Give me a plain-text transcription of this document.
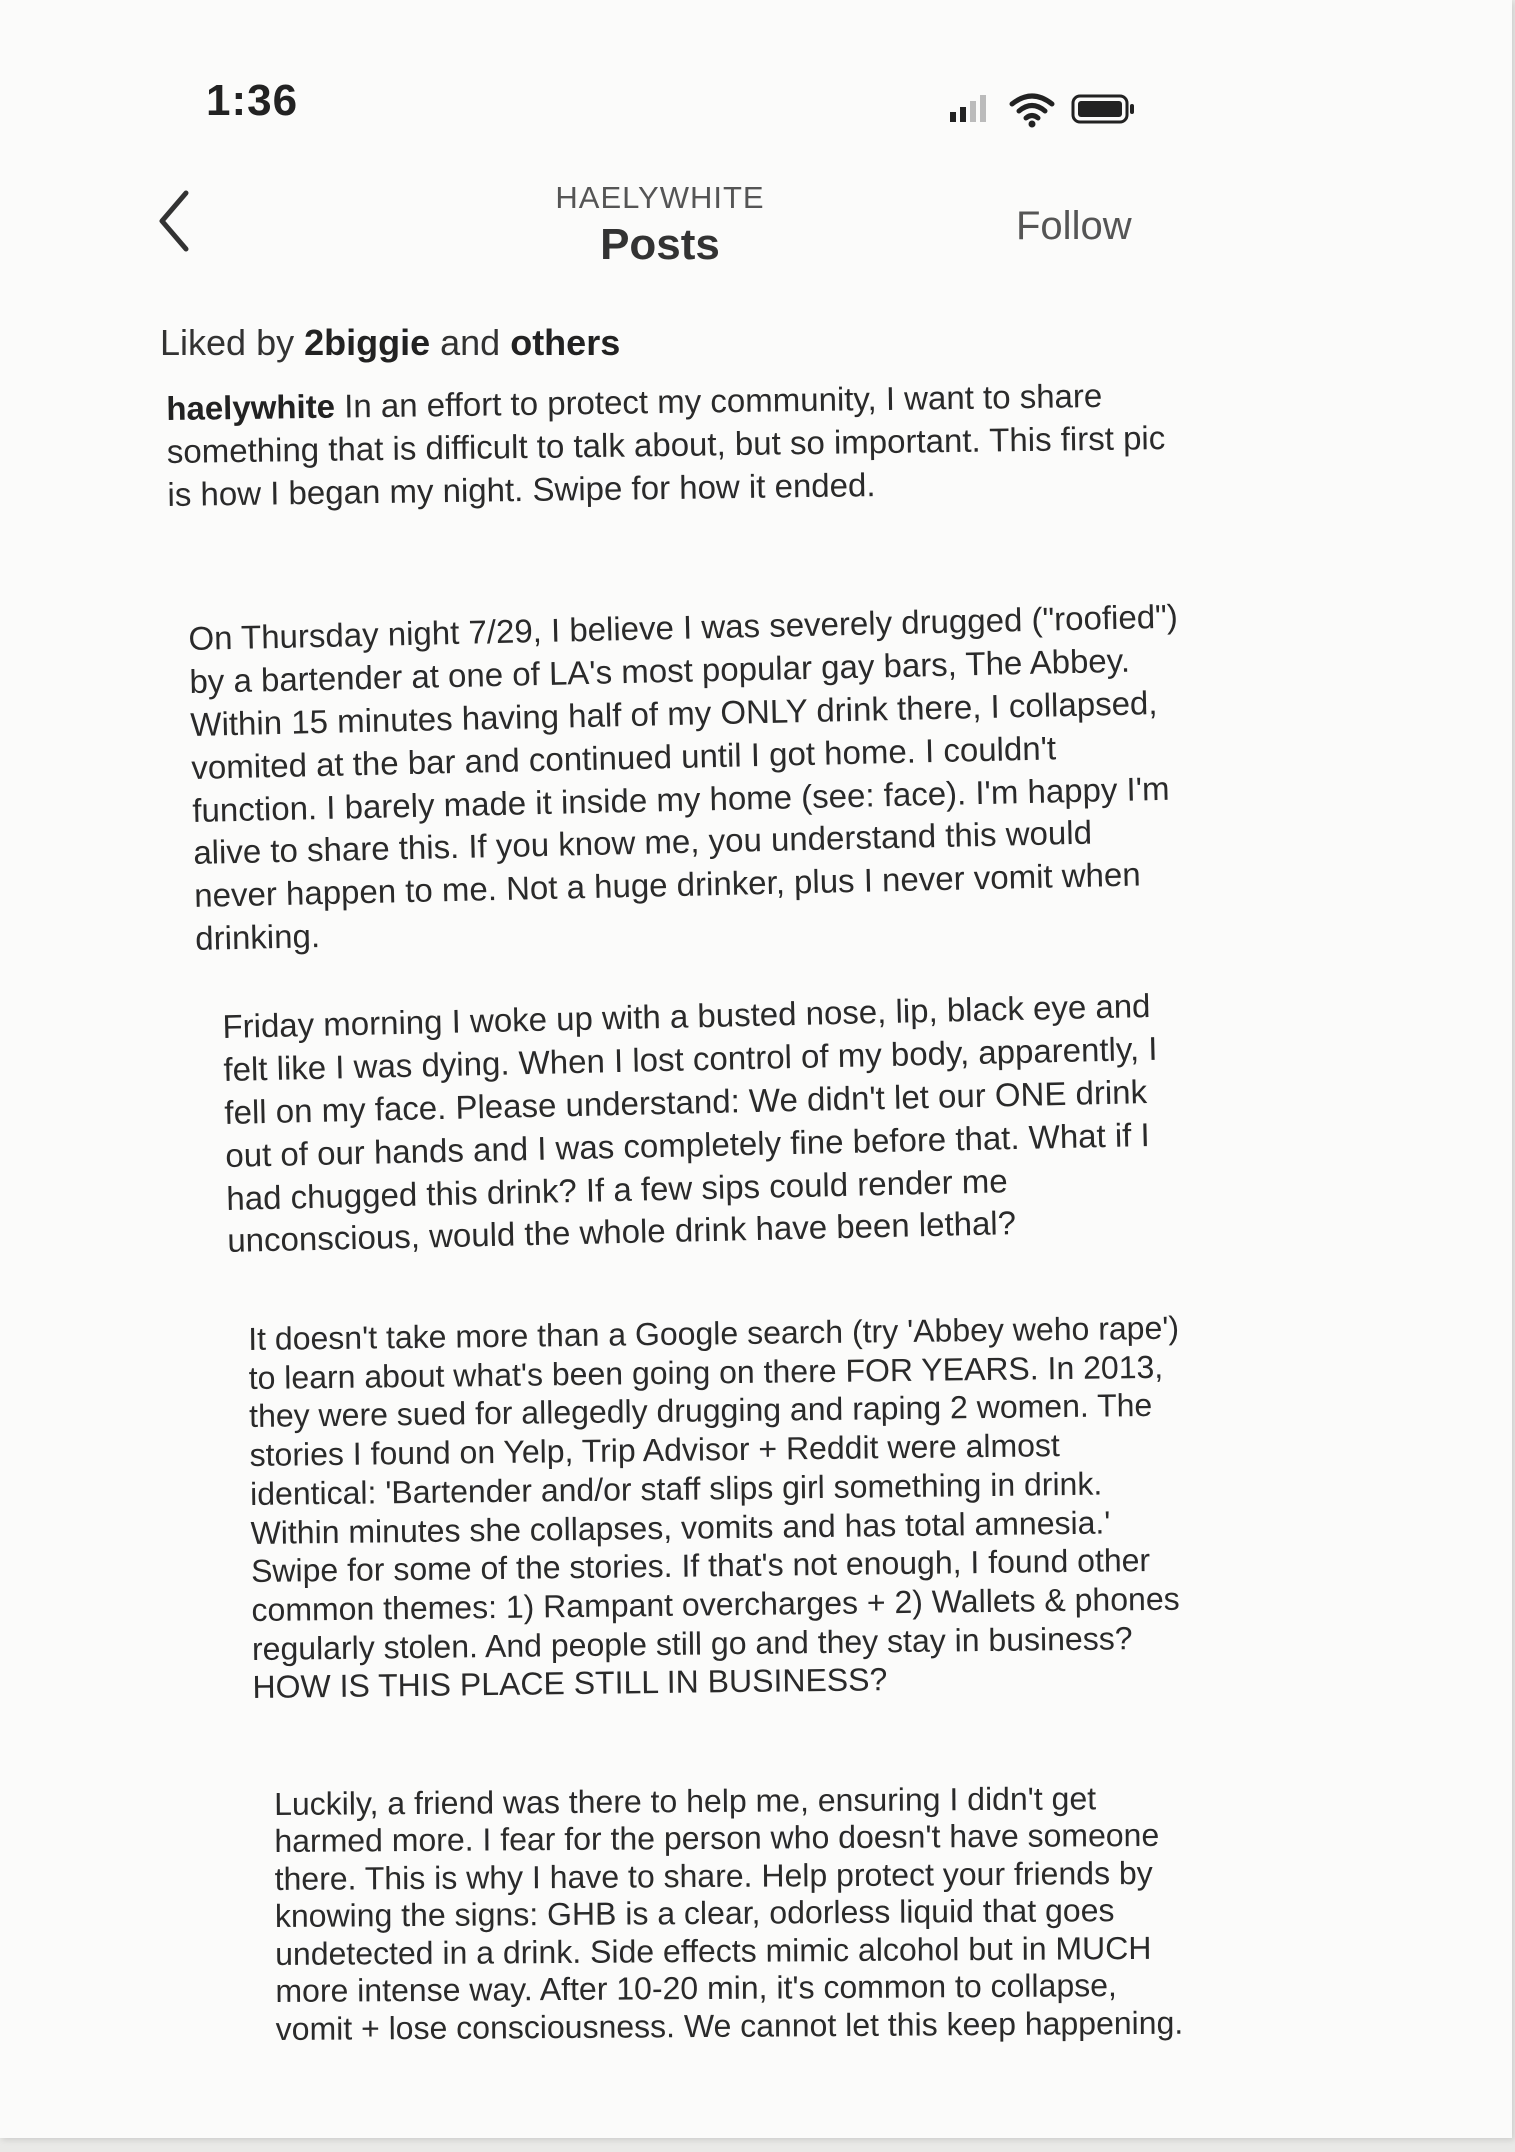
1:36
HAELYWHITE
Posts	Follow
Liked by 2biggie and others

haelywhite In an effort to protect my community, I want to share something that is difficult to talk about, but so important. This first pic is how I began my night. Swipe for how it ended.

On Thursday night 7/29, I believe I was severely drugged ("roofied") by a bartender at one of LA's most popular gay bars, The Abbey. Within 15 minutes having half of my ONLY drink there, I collapsed, vomited at the bar and continued until I got home. I couldn't function. I barely made it inside my home (see: face). I'm happy I'm alive to share this. If you know me, you understand this would never happen to me. Not a huge drinker, plus I never vomit when drinking.

Friday morning I woke up with a busted nose, lip, black eye and felt like I was dying. When I lost control of my body, apparently, I fell on my face. Please understand: We didn't let our ONE drink out of our hands and I was completely fine before that. What if I had chugged this drink? If a few sips could render me unconscious, would the whole drink have been lethal?

It doesn't take more than a Google search (try 'Abbey weho rape') to learn about what's been going on there FOR YEARS. In 2013, they were sued for allegedly drugging and raping 2 women. The stories I found on Yelp, Trip Advisor + Reddit were almost identical: 'Bartender and/or staff slips girl something in drink. Within minutes she collapses, vomits and has total amnesia.' Swipe for some of the stories. If that's not enough, I found other common themes: 1) Rampant overcharges + 2) Wallets & phones regularly stolen. And people still go and they stay in business? HOW IS THIS PLACE STILL IN BUSINESS?

Luckily, a friend was there to help me, ensuring I didn't get harmed more. I fear for the person who doesn't have someone there. This is why I have to share. Help protect your friends by knowing the signs: GHB is a clear, odorless liquid that goes undetected in a drink. Side effects mimic alcohol but in MUCH more intense way. After 10-20 min, it's common to collapse, vomit + lose consciousness. We cannot let this keep happening.
